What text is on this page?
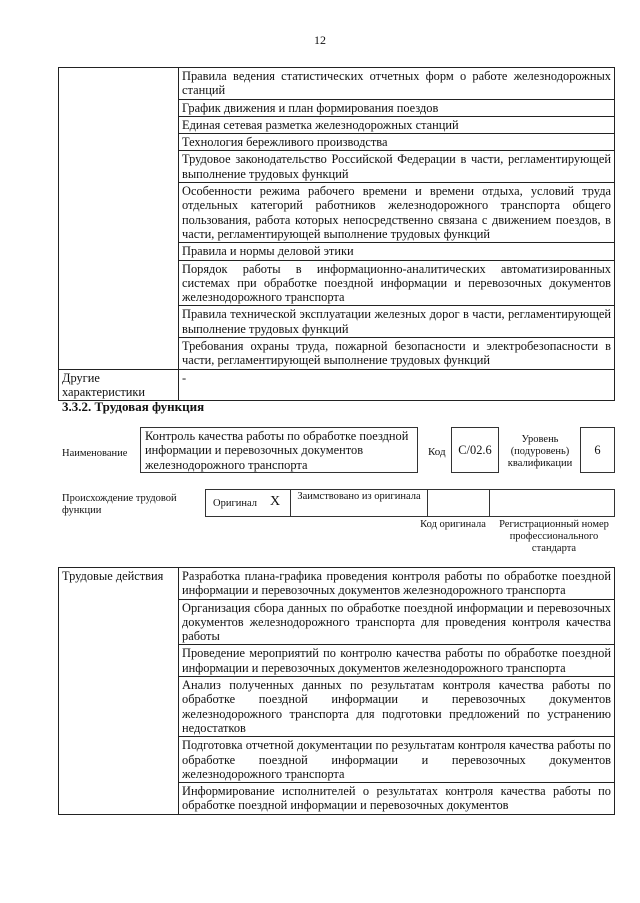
12
	Правила ведения статистических отчетных форм о работе железнодорожных станций
	График движения и план формирования поездов
	Единая сетевая разметка железнодорожных станций
	Технология бережливого производства
	Трудовое законодательство Российской Федерации в части, регламентирующей выполнение трудовых функций
	Особенности режима рабочего времени и времени отдыха, условий труда отдельных категорий работников железнодорожного транспорта общего пользования, работа которых непосредственно связана с движением поездов, в части, регламентирующей выполнение трудовых функций
	Правила и нормы деловой этики
	Порядок работы в информационно-аналитических автоматизированных системах при обработке поездной информации и перевозочных документов железнодорожного транспорта
	Правила технической эксплуатации железных дорог в части, регламентирующей выполнение трудовых функций
	Требования охраны труда, пожарной безопасности и электробезопасности в части, регламентирующей выполнение трудовых функций
Другие характеристики	-
3.3.2. Трудовая функция
Наименование
Контроль качества работы по обработке поездной информации и перевозочных документов железнодорожного транспорта
Код	C/02.6
Уровень (подуровень) квалификации
6
Происхождение трудовой функции
Оригинал X Заимствовано из оригинала
Код оригинала	Регистрационный номер профессионального стандарта
Трудовые действия	Разработка плана-графика проведения контроля работы по обработке поездной информации и перевозочных документов железнодорожного транспорта
Организация сбора данных по обработке поездной информации и перевозочных документов железнодорожного транспорта для проведения контроля качества работы
Проведение мероприятий по контролю качества работы по обработке поездной информации и перевозочных документов железнодорожного транспорта
Анализ полученных данных по результатам контроля качества работы по обработке поездной информации и перевозочных документов железнодорожного транспорта для подготовки предложений по устранению недостатков
Подготовка отчетной документации по результатам контроля качества работы по обработке поездной информации и перевозочных документов железнодорожного транспорта
Информирование исполнителей о результатах контроля качества работы по обработке поездной информации и перевозочных документов
